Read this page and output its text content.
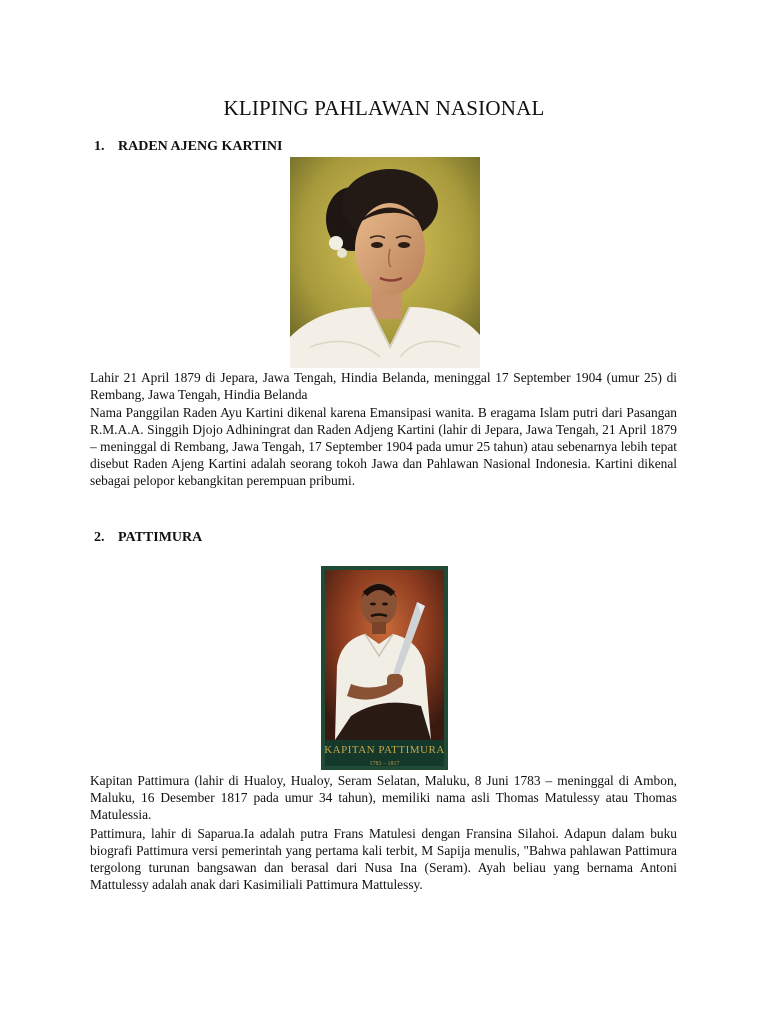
KLIPING PAHLAWAN NASIONAL
1. RADEN AJENG KARTINI
Lahir 21 April 1879 di Jepara, Jawa Tengah, Hindia Belanda, meninggal 17 September 1904 (umur 25) di Rembang, Jawa Tengah, Hindia Belanda
Nama Panggilan Raden Ayu Kartini dikenal karena Emansipasi wanita. B eragama Islam putri dari Pasangan R.M.A.A. Singgih Djojo Adhiningrat dan Raden Adjeng Kartini (lahir di Jepara, Jawa Tengah, 21 April 1879 – meninggal di Rembang, Jawa Tengah, 17 September 1904 pada umur 25 tahun) atau sebenarnya lebih tepat disebut Raden Ajeng Kartini adalah seorang tokoh Jawa dan Pahlawan Nasional Indonesia. Kartini dikenal sebagai pelopor kebangkitan perempuan pribumi.
2. PATTIMURA
KAPITAN PATTIMURA
1783 – 1817
Kapitan Pattimura (lahir di Hualoy, Hualoy, Seram Selatan, Maluku, 8 Juni 1783 – meninggal di Ambon, Maluku, 16 Desember 1817 pada umur 34 tahun), memiliki nama asli Thomas Matulessy atau Thomas Matulessia.
Pattimura, lahir di Saparua.Ia adalah putra Frans Matulesi dengan Fransina Silahoi. Adapun dalam buku biografi Pattimura versi pemerintah yang pertama kali terbit, M Sapija menulis, "Bahwa pahlawan Pattimura tergolong turunan bangsawan dan berasal dari Nusa Ina (Seram). Ayah beliau yang bernama Antoni Mattulessy adalah anak dari Kasimiliali Pattimura Mattulessy.
